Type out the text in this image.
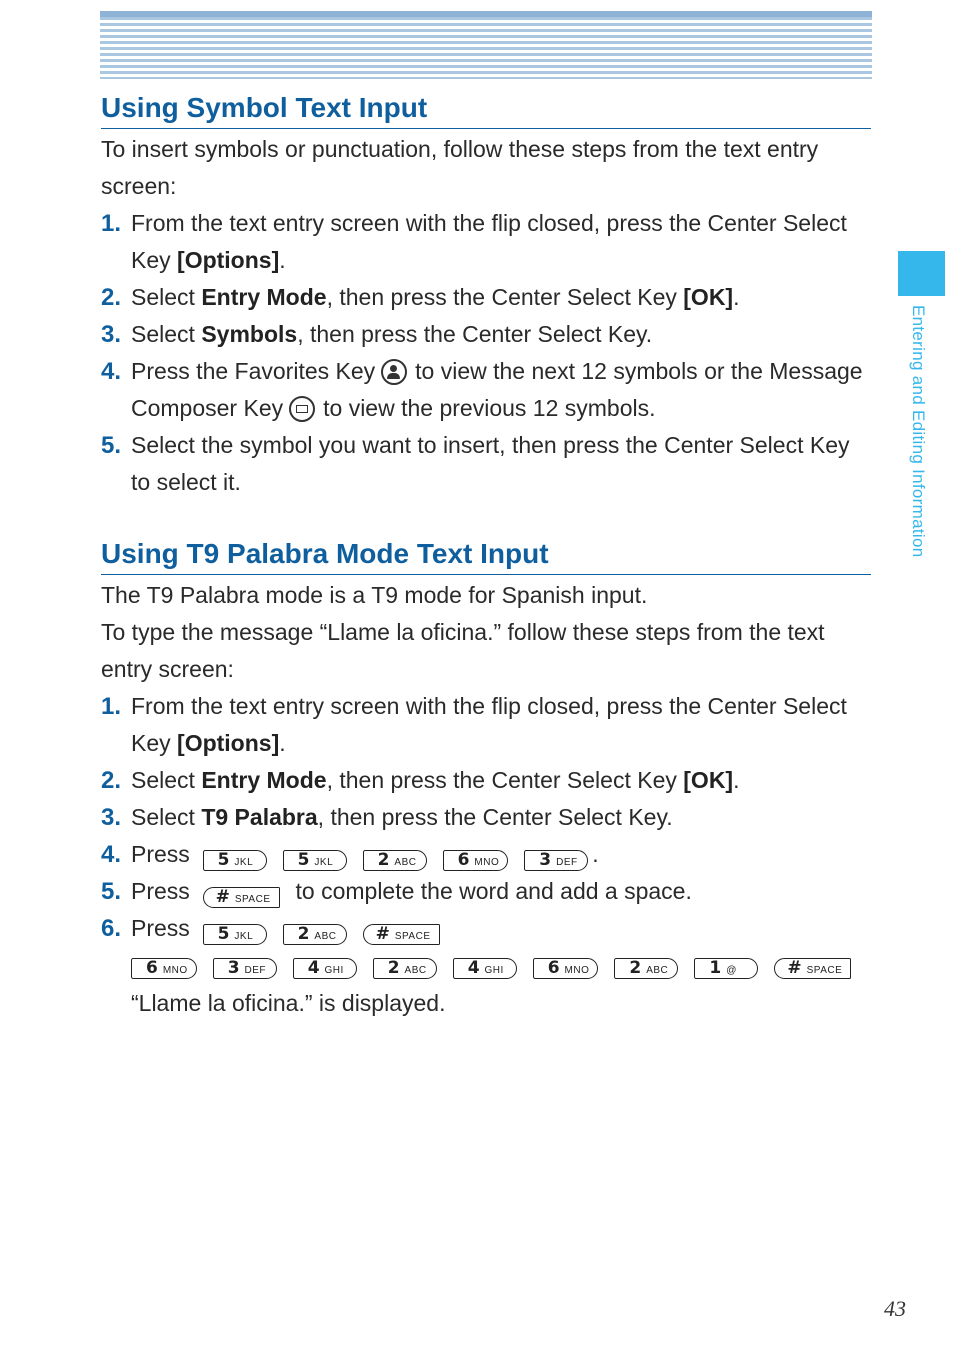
Entering and Editing Information
Using Symbol Text Input

To insert symbols or punctuation, follow these steps from the text entry screen:

1. From the text entry screen with the flip closed, press the Center Select Key [Options].
2. Select Entry Mode, then press the Center Select Key [OK].
3. Select Symbols, then press the Center Select Key.
4. Press the Favorites Key to view the next 12 symbols or the Message Composer Key to view the previous 12 symbols.
5. Select the symbol you want to insert, then press the Center Select Key to select it.
Using T9 Palabra Mode Text Input

The T9 Palabra mode is a T9 mode for Spanish input.

To type the message “Llame la oficina.” follow these steps from the text entry screen:

1. From the text entry screen with the flip closed, press the Center Select Key [Options].
2. Select Entry Mode, then press the Center Select Key [OK].
3. Select T9 Palabra, then press the Center Select Key.
4. Press 5 JKL	5 JKL	2 ABC 6 MNO 3 DEF .
5. Press # SPACE to complete the word and add a space.
6. Press 5 JKL	2 ABC # SPACE
6 MNO 3 DEF 4 GHI	2 ABC 4 GHI	6 MNO 2 ABC 1 @	# SPACE
“Llame la oficina.” is displayed.
43
